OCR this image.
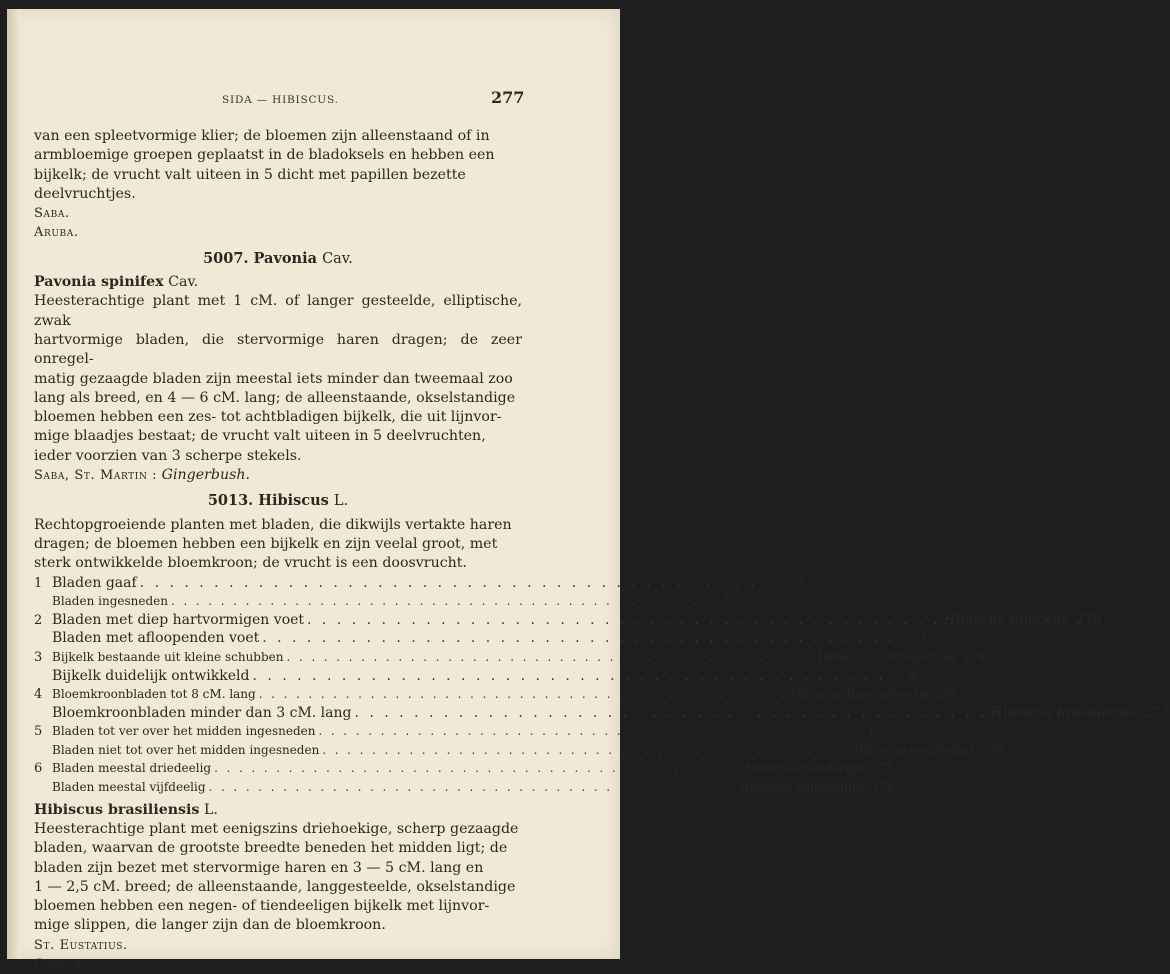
SIDA — HIBISCUS.	277

van een spleetvormige klier; de bloemen zijn alleenstaand of in

armbloemige groepen geplaatst in de bladoksels en hebben een

bijkelk; de vrucht valt uiteen in 5 dicht met papillen bezette

deelvruchtjes.

Saba.
Aruba.
5007. Pavonia Cav.
Pavonia spinifex Cav.

Heesterachtige plant met 1 cM. of langer gesteelde, elliptische, zwak

hartvormige bladen, die stervormige haren dragen; de zeer onregel-

matig gezaagde bladen zijn meestal iets minder dan tweemaal zoo

lang als breed, en 4 — 6 cM. lang; de alleenstaande, okselstandige

bloemen hebben een zes- tot achtbladigen bijkelk, die uit lijnvor-

mige blaadjes bestaat; de vrucht valt uiteen in 5 deelvruchten,

ieder voorzien van 3 scherpe stekels.

Saba, St. Martin : Gingerbush.
5013. Hibiscus L.

Rechtopgroeiende planten met bladen, die dikwijls vertakte haren

dragen; de bloemen hebben een bijkelk en zijn veelal groot, met

sterk ontwikkelde bloemkroon; de vrucht is een doosvrucht.

1 Bladen gaaf . . . . . . . . . . . . . . . . . . . . . . . . . . . . . . . . . . . . . . . . . . .	2
Bladen ingesneden . . . . . . . . . . . . . . . . . . . . . . . . . . . . . . . . . . . . . . . . . . .	5
2 Bladen met diep hartvormigen voet . . . . . . . . . . . . . . . . . . . . . . . . . . . . . . . . . . . . . . . . . . . Hibiscus tiliaceus 278
Bladen met afloopenden voet . . . . . . . . . . . . . . . . . . . . . . . . . . . . . . . . . . . . . . . . . . .	3
3 Bijkelk bestaande uit kleine schubben . . . . . . . . . . . . . . . . . . . . . . . . . . . . . . . . . . . . . . . . . . . Hibiscus schizopetalus 278
Bijkelk duidelijk ontwikkeld . . . . . . . . . . . . . . . . . . . . . . . . . . . . . . . . . . . . . . . . . . .	4
4 Bloemkroonbladen tot 8 cM. lang . . . . . . . . . . . . . . . . . . . . . . . . . . . . . . . . . . . . . . . . . . . Hibiscus Rosa-sinensis 278
Bloemkroonbladen minder dan 3 cM. lang . . . . . . . . . . . . . . . . . . . . . . . . . . . . . . . . . . . . . . . . . . . Hibiscus brasiliensis 277
5 Bladen tot ver over het midden ingesneden . . . . . . . . . . . . . . . . . . . . . . . . . . . . . . . . . . . . . . . . . . .	6
Bladen niet tot over het midden ingesneden . . . . . . . . . . . . . . . . . . . . . . . . . . . . . . . . . . . . . . . . . . . Hibiscus esculentus 278
6 Bladen meestal driedeelig . . . . . . . . . . . . . . . . . . . . . . . . . . . . . . . . . . . . . . . . . . . Hibiscus Sabdariffa 278
Bladen meestal vijfdeelig . . . . . . . . . . . . . . . . . . . . . . . . . . . . . . . . . . . . . . . . . . . Hibiscus cannabinus 278
Hibiscus brasiliensis L.

Heesterachtige plant met eenigszins driehoekige, scherp gezaagde

bladen, waarvan de grootste breedte beneden het midden ligt; de

bladen zijn bezet met stervormige haren en 3 — 5 cM. lang en

1 — 2,5 cM. breed; de alleenstaande, langgesteelde, okselstandige

bloemen hebben een negen- of tiendeeligen bijkelk met lijnvor-

mige slippen, die langer zijn dan de bloemkroon.

St. Eustatius.
Curaçao.
